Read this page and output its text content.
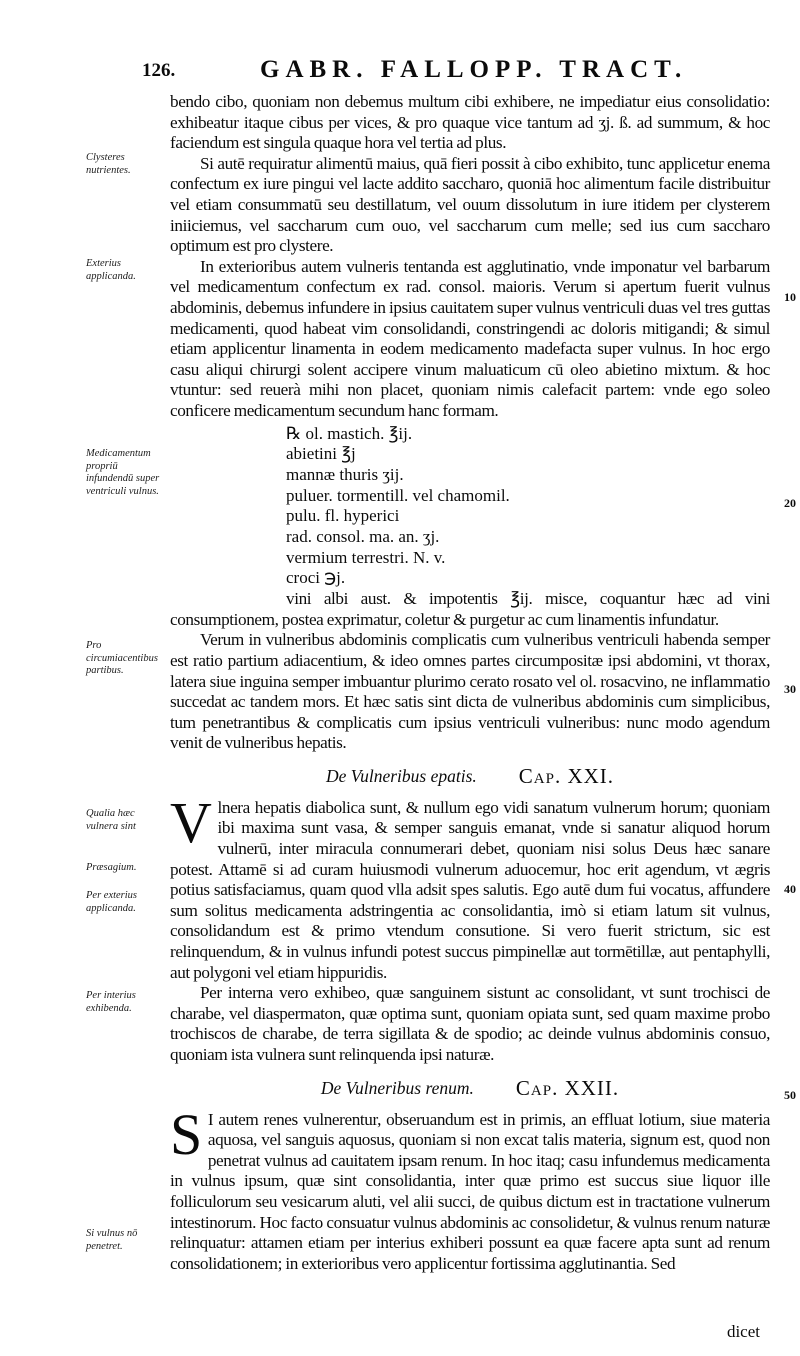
126.	GABR. FALLOPP. TRACT.
Clysteres nutrientes.
Exterius applicanda.
Medicamentum propriū infundendū super ventriculi vulnus.
Pro circumiacentibus partibus.
Qualia hæc vulnera sint
Præsagium.
Per exterius applicanda.
Per interius exhibenda.
Si vulnus nō penetret.
10
20
30
40
50

bendo cibo, quoniam non debemus multum cibi exhibere, ne impediatur eius consolidatio: exhibeatur itaque cibus per vices, & pro quaque vice tantum ad ʒj. ß. ad summum, & hoc faciendum est singula quaque hora vel tertia ad plus.

Si autē requiratur alimentū maius, quā fieri possit à cibo exhibito, tunc applicetur enema confectum ex iure pingui vel lacte addito saccharo, quoniā hoc alimentum facile distribuitur vel etiam consummatū seu destillatum, vel ouum dissolutum in iure itidem per clysterem iniiciemus, vel saccharum cum ouo, vel saccharum cum melle; sed ius cum saccharo optimum est pro clystere.

In exterioribus autem vulneris tentanda est agglutinatio, vnde imponatur vel barbarum vel medicamentum confectum ex rad. consol. maioris. Verum si apertum fuerit vulnus abdominis, debemus infundere in ipsius cauitatem super vulnus ventriculi duas vel tres guttas medicamenti, quod habeat vim consolidandi, constringendi ac doloris mitigandi; & simul etiam applicentur linamenta in eodem medicamento madefacta super vulnus. In hoc ergo casu aliqui chirurgi solent accipere vinum maluaticum cū oleo abietino mixtum. & hoc vtuntur: sed reuerà mihi non placet, quoniam nimis calefacit partem: vnde ego soleo conficere medicamentum secundum hanc formam.

℞ ol. mastich. ℥ij.
abietini ℥j
mannæ thuris ʒij.
puluer. tormentill. vel chamomil.
pulu. fl. hyperici
rad. consol. ma. an. ʒj.
vermium terrestri. N. v.
croci ℈j.

vini albi aust. & impotentis ℥ij. misce, coquantur hæc ad vini consumptionem, postea exprimatur, coletur & purgetur ac cum linamentis infundatur.

Verum in vulneribus abdominis complicatis cum vulneribus ventriculi habenda semper est ratio partium adiacentium, & ideo omnes partes circumpositæ ipsi abdomini, vt thorax, latera siue inguina semper imbuantur plurimo cerato rosato vel ol. rosacvino, ne inflammatio succedat ac tandem mors. Et hæc satis sint dicta de vulneribus abdominis cum simplicibus, tum penetrantibus & complicatis cum ipsius ventriculi vulneribus: nunc modo agendum venit de vulneribus hepatis.

De Vulneribus epatis. Cap. XXI.

Vlnera hepatis diabolica sunt, & nullum ego vidi sanatum vulnerum horum; quoniam ibi maxima sunt vasa, & semper sanguis emanat, vnde si sanatur aliquod horum vulnerū, inter miracula connumerari debet, quoniam nisi solus Deus hæc sanare potest. Attamē si ad curam huiusmodi vulnerum aduocemur, hoc erit agendum, vt ægris potius satisfaciamus, quam quod vlla adsit spes salutis. Ego autē dum fui vocatus, affundere sum solitus medicamenta adstringentia ac consolidantia, imò si etiam latum sit vulnus, consolidandum est & primo vtendum consutione. Si vero fuerit strictum, sic est relinquendum, & in vulnus infundi potest succus pimpinellæ aut tormētillæ, aut pentaphylli, aut polygoni vel etiam hippuridis.

Per interna vero exhibeo, quæ sanguinem sistunt ac consolidant, vt sunt trochisci de charabe, vel diaspermaton, quæ optima sunt, quoniam opiata sunt, sed quam maxime probo trochiscos de charabe, de terra sigillata & de spodio; ac deinde vulnus abdominis consuo, quoniam ista vulnera sunt relinquenda ipsi naturæ.

De Vulneribus renum. Cap. XXII.

S I autem renes vulnerentur, obseruandum est in primis, an effluat lotium, siue materia aquosa, vel sanguis aquosus, quoniam si non excat talis materia, signum est, quod non penetrat vulnus ad cauitatem ipsam renum. In hoc itaq; casu infundemus medicamenta in vulnus ipsum, quæ sint consolidantia, inter quæ primo est succus siue liquor ille folliculorum seu vesicarum aluti, vel alii succi, de quibus dictum est in tractatione vulnerum intestinorum. Hoc facto consuatur vulnus abdominis ac consolidetur, & vulnus renum naturæ relinquatur: attamen etiam per interius exhiberi possunt ea quæ facere apta sunt ad renum consolidationem; in exterioribus vero applicentur fortissima agglutinantia. Sed

dicet
